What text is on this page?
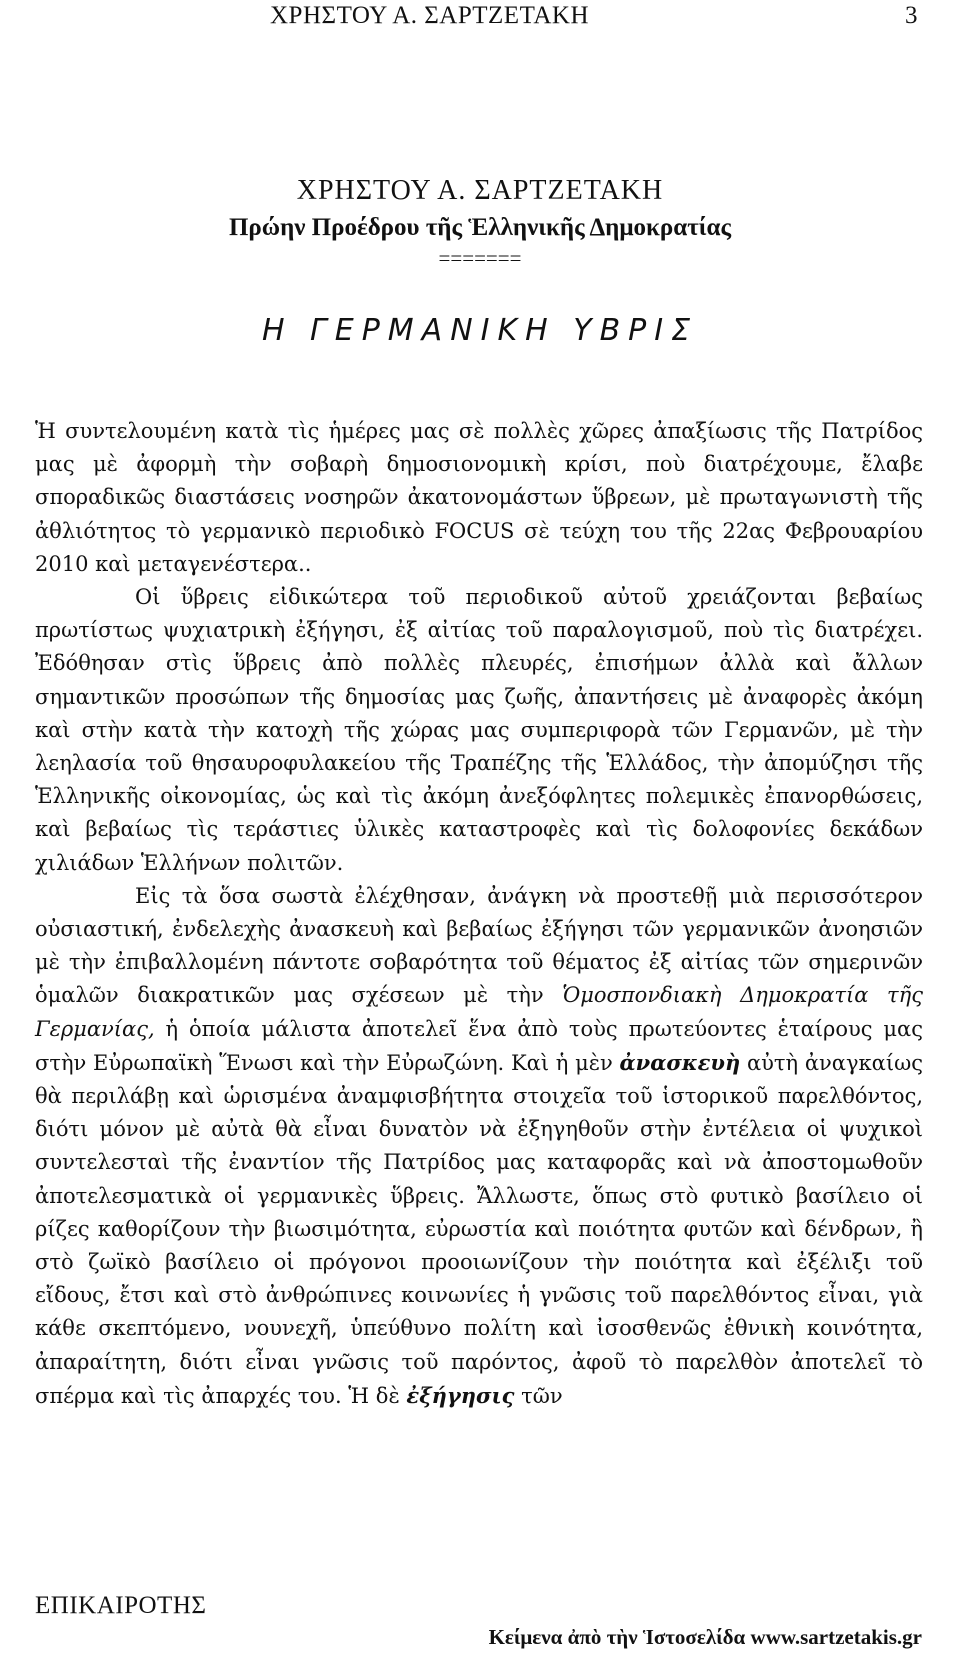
ΧΡΗΣΤΟΥ Α. ΣΑΡΤΖΕΤΑΚΗ	3
ΧΡΗΣΤΟΥ Α. ΣΑΡΤΖΕΤΑΚΗ
Πρώην Προέδρου τῆς Ἑλληνικῆς Δημοκρατίας
=======
Η ΓΕΡΜΑΝΙΚΗ ΥΒΡΙΣ

Ἡ συντελουμένη κατὰ τὶς ἡμέρες μας σὲ πολλὲς χῶρες ἀπαξίωσις τῆς Πατρίδος μας μὲ ἀφορμὴ τὴν σοβαρὴ δημοσιονομικὴ κρίσι, ποὺ διατρέχουμε, ἔλαβε σποραδικῶς διαστάσεις νοσηρῶν ἀκατονομάστων ὕβρεων, μὲ πρωταγωνιστὴ τῆς ἀθλιότητος τὸ γερμανικὸ περιοδικὸ FOCUS σὲ τεύχη του τῆς 22ας Φεβρουαρίου 2010 καὶ μεταγενέστερα..

Οἱ ὕβρεις εἰδικώτερα τοῦ περιοδικοῦ αὐτοῦ χρειάζονται βεβαίως πρωτίστως ψυχιατρικὴ ἐξήγησι, ἐξ αἰτίας τοῦ παραλογισμοῦ, ποὺ τὶς διατρέχει. Ἐδόθησαν στὶς ὕβρεις ἀπὸ πολλὲς πλευρές, ἐπισήμων ἀλλὰ καὶ ἄλλων σημαντικῶν προσώπων τῆς δημοσίας μας ζωῆς, ἀπαντήσεις μὲ ἀναφορὲς ἀκόμη καὶ στὴν κατὰ τὴν κατοχὴ τῆς χώρας μας συμπεριφορὰ τῶν Γερμανῶν, μὲ τὴν λεηλασία τοῦ θησαυροφυλακείου τῆς Τραπέζης τῆς Ἑλλάδος, τὴν ἀπομύζησι τῆς Ἑλληνικῆς οἰκονομίας, ὡς καὶ τὶς ἀκόμη ἀνεξόφλητες πολεμικὲς ἐπανορθώσεις, καὶ βεβαίως τὶς τεράστιες ὑλικὲς καταστροφὲς καὶ τὶς δολοφονίες δεκάδων χιλιάδων Ἑλλήνων πολιτῶν.

Εἰς τὰ ὅσα σωστὰ ἐλέχθησαν, ἀνάγκη νὰ προστεθῇ μιὰ περισσότερον οὐσιαστική, ἐνδελεχὴς ἀνασκευὴ καὶ βεβαίως ἐξήγησι τῶν γερμανικῶν ἀνοησιῶν μὲ τὴν ἐπιβαλλομένη πάντοτε σοβαρότητα τοῦ θέματος ἐξ αἰτίας τῶν σημερινῶν ὁμαλῶν διακρατικῶν μας σχέσεων μὲ τὴν Ὁμοσπονδιακὴ Δημοκρατία τῆς Γερμανίας, ἡ ὁποία μάλιστα ἀποτελεῖ ἕνα ἀπὸ τοὺς πρωτεύοντες ἑταίρους μας στὴν Εὐρωπαϊκὴ Ἕνωσι καὶ τὴν Εὐρωζώνη. Καὶ ἡ μὲν ἀνασκευὴ αὐτὴ ἀναγκαίως θὰ περιλάβῃ καὶ ὡρισμένα ἀναμφισβήτητα στοιχεῖα τοῦ ἱστορικοῦ παρελθόντος, διότι μόνον μὲ αὐτὰ θὰ εἶναι δυνατὸν νὰ ἐξηγηθοῦν στὴν ἐντέλεια οἱ ψυχικοὶ συντελεσταὶ τῆς ἐναντίον τῆς Πατρίδος μας καταφορᾶς καὶ νὰ ἀποστομωθοῦν ἀποτελεσματικὰ οἱ γερμανικὲς ὕβρεις. Ἄλλωστε, ὅπως στὸ φυτικὸ βασίλειο οἱ ρίζες καθορίζουν τὴν βιωσιμότητα, εὐρωστία καὶ ποιότητα φυτῶν καὶ δένδρων, ἢ στὸ ζωϊκὸ βασίλειο οἱ πρόγονοι προοιωνίζουν τὴν ποιότητα καὶ ἐξέλιξι τοῦ εἴδους, ἔτσι καὶ στὸ ἀνθρώπινες κοινωνίες ἡ γνῶσις τοῦ παρελθόντος εἶναι, γιὰ κάθε σκεπτόμενο, νουνεχῆ, ὑπεύθυνο πολίτη καὶ ἰσοσθενῶς ἐθνικὴ κοινότητα, ἀπαραίτητη, διότι εἶναι γνῶσις τοῦ παρόντος, ἀφοῦ τὸ παρελθὸν ἀποτελεῖ τὸ σπέρμα καὶ τὶς ἀπαρχές του. Ἡ δὲ ἐξήγησις τῶν

ΕΠΙΚΑΙΡΟΤΗΣ
Κείμενα ἀπὸ τὴν Ἱστοσελίδα www.sartzetakis.gr
